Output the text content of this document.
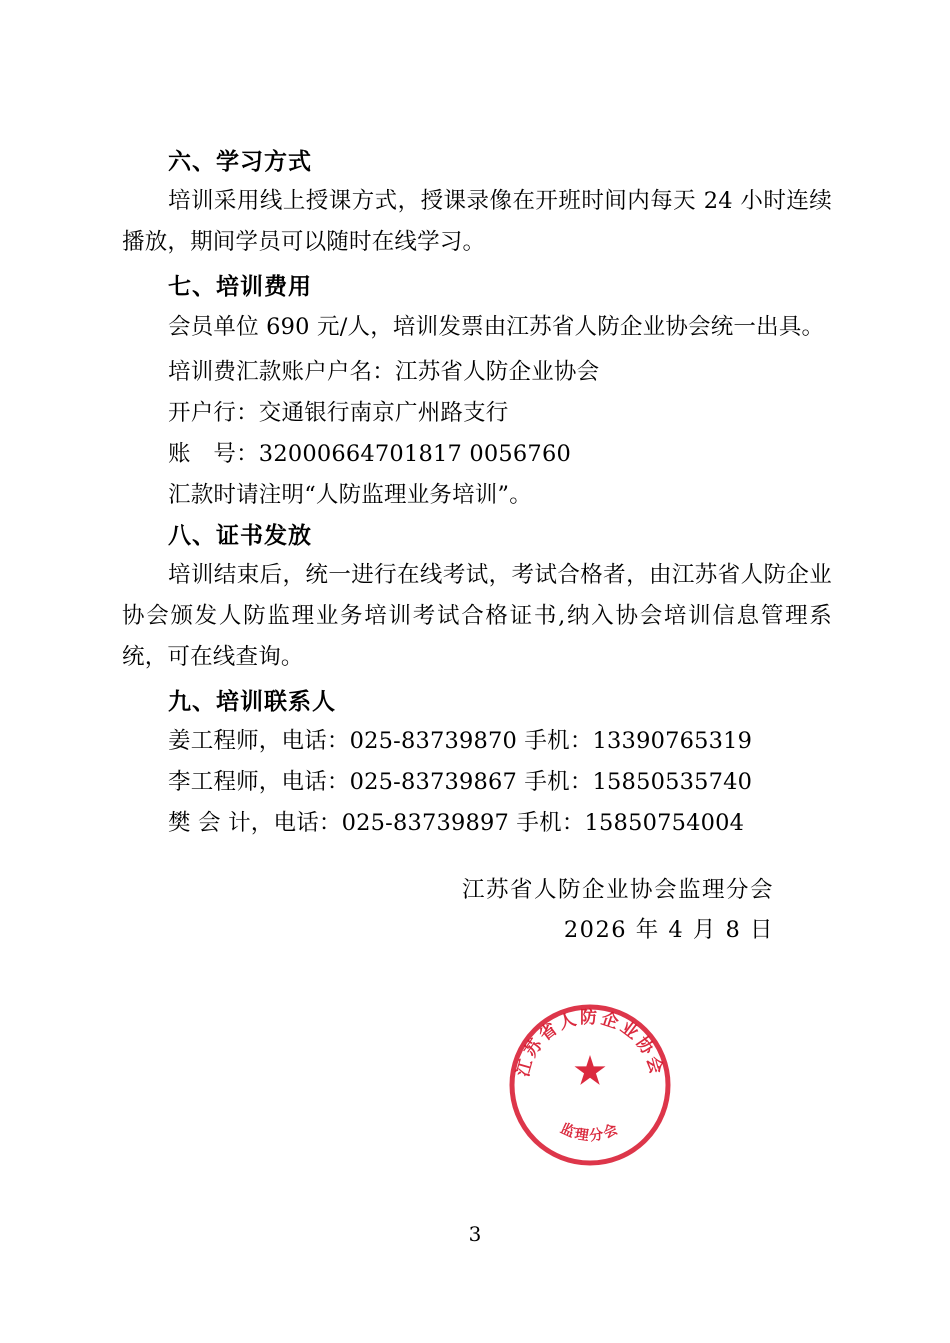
六、学习方式

培训采用线上授课方式，授课录像在开班时间内每天 24 小时连续播放，期间学员可以随时在线学习。

七、培训费用

会员单位 690 元/人，培训发票由江苏省人防企业协会统一出具。

培训费汇款账户户名：江苏省人防企业协会

开户行：交通银行南京广州路支行

账　号：32000664701817 0056760

汇款时请注明“人防监理业务培训”。

八、证书发放

培训结束后，统一进行在线考试，考试合格者，由江苏省人防企业协会颁发人防监理业务培训考试合格证书,纳入协会培训信息管理系统，可在线查询。

九、培训联系人

姜工程师，电话：025-83739870 手机：13390765319

李工程师，电话：025-83739867 手机：15850535740

樊 会 计，电话：025-83739897 手机：15850754004

江苏省人防企业协会监理分会
2026 年 4 月 8 日
江苏省人防企业协会
监理分会
3
